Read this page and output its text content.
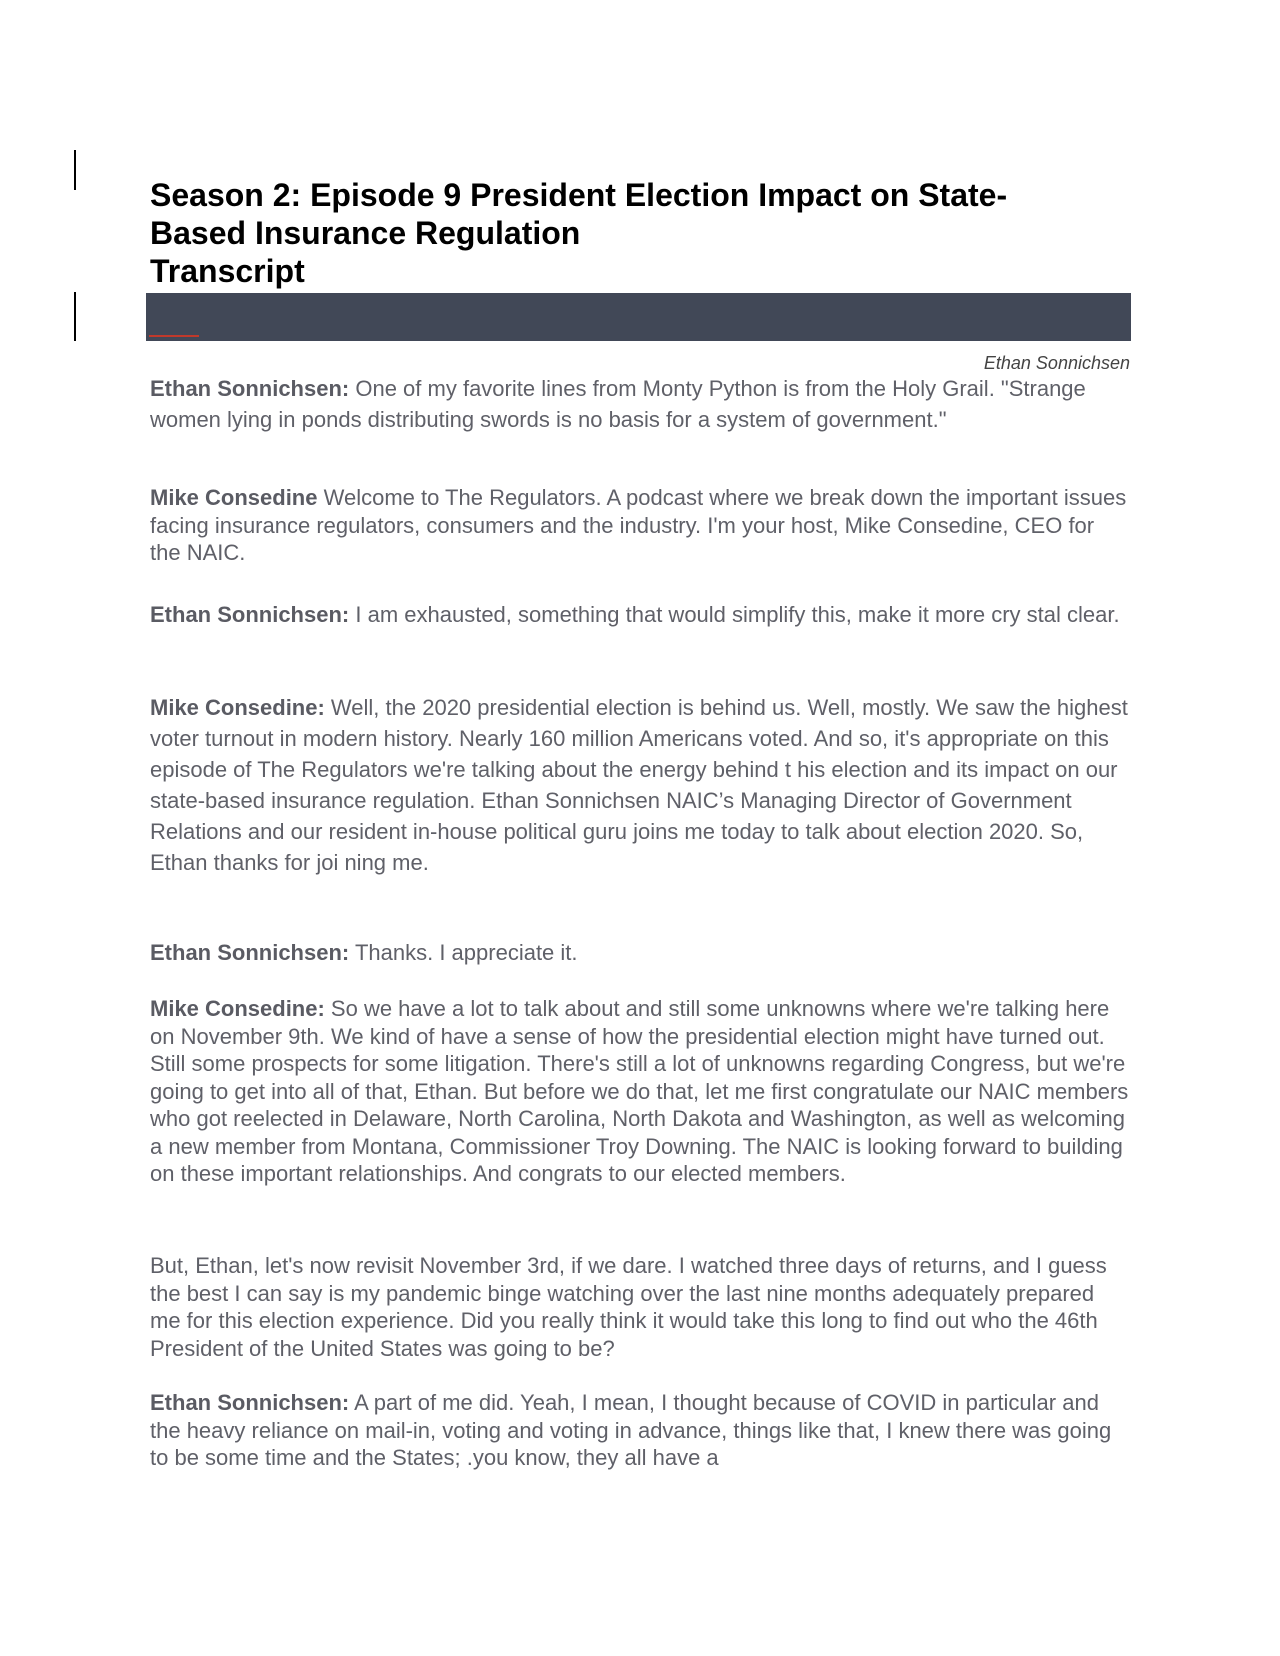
Season 2: Episode 9 President Election Impact on State-
Based Insurance Regulation
Transcript
Ethan Sonnichsen

Ethan Sonnichsen: One of my favorite lines from Monty Python is from the Holy Grail. "Strange women lying in ponds distributing swords is no basis for a system of government."

Mike Consedine Welcome to The Regulators. A podcast where we break down the important issues facing insurance regulators, consumers and the industry. I'm your host, Mike Consedine, CEO for the NAIC.

Ethan Sonnichsen: I am exhausted, something that would simplify this, make it more cry stal clear.

Mike Consedine: Well, the 2020 presidential election is behind us. Well, mostly. We saw the highest voter turnout in modern history. Nearly 160 million Americans voted. And so, it's appropriate on this episode of The Regulators we're talking about the energy behind t his election and its impact on our state-based insurance regulation. Ethan Sonnichsen NAIC’s Managing Director of Government Relations and our resident in-house political guru joins me today to talk about election 2020. So, Ethan thanks for joi ning me.

Ethan Sonnichsen: Thanks. I appreciate it.

Mike Consedine: So we have a lot to talk about and still some unknowns where we're talking here on November 9th. We kind of have a sense of how the presidential election might have turned out. Still some prospects for some litigation. There's still a lot of unknowns regarding Congress, but we're going to get into all of that, Ethan. But before we do that, let me first congratulate our NAIC members who got reelected in Delaware, North Carolina, North Dakota and Washington, as well as welcoming a new member from Montana, Commissioner Troy Downing. The NAIC is looking forward to building on these important relationships. And congrats to our elected members.

But, Ethan, let's now revisit November 3rd, if we dare. I watched three days of returns, and I guess the best I can say is my pandemic binge watching over the last nine months adequately prepared me for this election experience. Did you really think it would take this long to find out who the 46th President of the United States was going to be?

Ethan Sonnichsen: A part of me did. Yeah, I mean, I thought because of COVID in particular and the heavy reliance on mail-in, voting and voting in advance, things like that, I knew there was going to be some time and the States; .you know, they all have a
